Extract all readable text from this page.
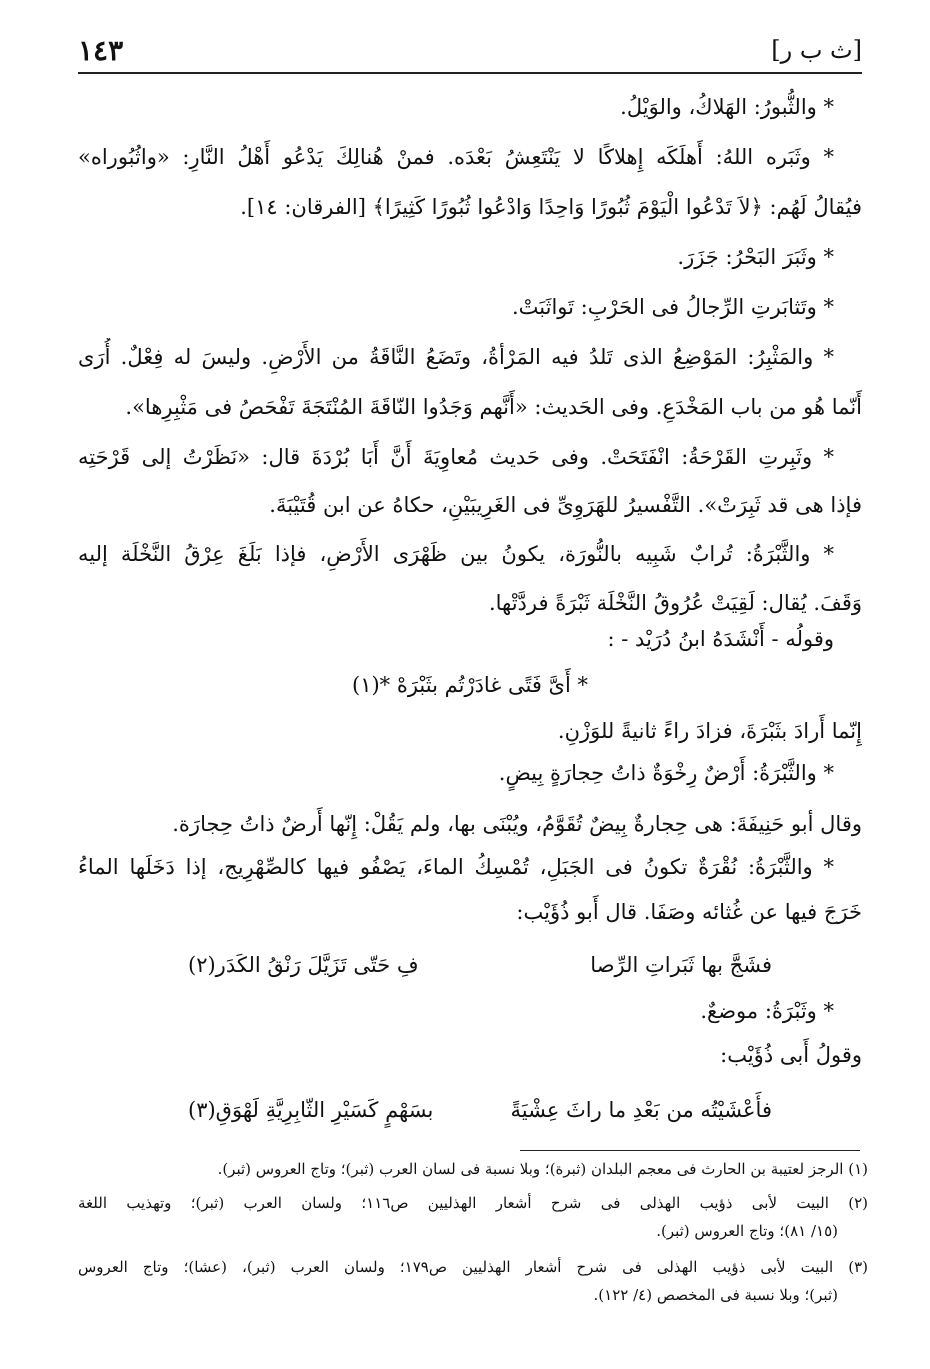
[ث ب ر]
١٤٣
* والثُّبورُ: الهَلاكُ، والوَيْلُ.
* وثَبَره اللهُ: أَهلَكَه إِهلاكًا لا يَنْتَعِشُ بَعْدَه. فمنْ هُنالِكَ يَدْعُو أَهْلُ النَّارِ: «واثُبُوراه»
فيُقالُ لَهُم: ﴿لاَ تَدْعُوا الْيَوْمَ ثُبُورًا وَاحِدًا وَادْعُوا ثُبُورًا كَثِيرًا﴾ [الفرقان: ١٤].
* وثَبَرَ البَحْرُ: جَزَرَ.
* وتَثابَرتِ الرِّجالُ فى الحَرْبِ: تَواثَبَتْ.
* والمَثْبِرُ: المَوْضِعُ الذى تَلدُ فيه المَرْأةُ، وتَضَعُ النَّاقَةُ من الأَرْضِ. وليسَ له فِعْلٌ. أُرَى
أَنّما هُو من باب المَخْدَعِ. وفى الحَديث: «أَنَّهم وَجَدُوا النّاقَةَ المُنْتَجَةَ تَفْحَصُ فى مَثْبِرِها».
* وثَبِرتِ القَرْحَةُ: انْفَتَحَتْ. وفى حَديث مُعاوِيَةَ أَنَّ أَبَا بُرْدَةَ قال: «نَظَرْتُ إلى قَرْحَتِه
فإذا هى قد ثَبِرَتْ». التَّفْسيرُ للهَرَوِىِّ فى الغَرِيبَيْنِ، حكاهُ عن ابن قُتَيْبَةَ.
* والثَّبْرَةُ: تُرابٌ شَبِيه بالنُّورَة، يكونُ بين ظَهْرَى الأَرْضِ، فإذا بَلَغَ عِرْقُ النَّخْلَة إليه
وَقَفَ. يُقال: لَقِيَتْ عُرُوقُ النَّخْلَة ثَبْرَةً فردَّتْها.
وقولُه - أَنْشَدَهُ ابنُ دُرَيْد - :
* أَىَّ فَتًى غادَرْتُم بثَبْرَهْ *(١)
إِنّما أَرادَ بثَبْرَةَ، فزادَ راءً ثانيةً للوَزْنِ.
* والثَّبْرَةُ: أَرْضٌ رِخْوَةٌ ذاتُ حِجارَةٍ بِيضٍ.
وقال أبو حَنِيفَةَ: هى حِجارةٌ بِيضٌ تُقَوَّمُ، ويُبْنَى بها، ولم يَقُلْ: إِنّها أَرضٌ ذاتُ حِجارَة.
* والثَّبْرَةُ: نُقْرَةٌ تكونُ فى الجَبَلِ، تُمْسِكُ الماءَ، يَصْفُو فيها كالصِّهْرِيج، إذا دَخَلَها الماءُ
خَرَجَ فيها عن غُثائه وصَفَا. قال أَبو ذُؤَيْب:
فشَجَّ بها ثَبَراتِ الرِّصا
فِ حَتّى تَزَيَّلَ رَنْقُ الكَدَر(٢)
* وثَبْرَةُ: موضعٌ.
وقولُ أَبى ذُؤَيْب:
فأَعْشَيْتُه من بَعْدِ ما راثَ عِشْيَةً
بسَهْمٍ كَسَيْرِ الثّابِرِيَّةِ لَهْوَقِ(٣)
(١) الرجز لعتيبة بن الحارث فى معجم البلدان (ثبرة)؛ وبلا نسبة فى لسان العرب (ثبر)؛ وتاج العروس (ثبر).
(٢) البيت لأبى ذؤيب الهذلى فى شرح أشعار الهذليين ص١١٦؛ ولسان العرب (ثبر)؛ وتهذيب اللغة
(١٥/ ٨١)؛ وتاج العروس (ثبر).
(٣) البيت لأبى ذؤيب الهذلى فى شرح أشعار الهذليين ص١٧٩؛ ولسان العرب (ثبر)، (عشا)؛ وتاج العروس
(ثبر)؛ وبلا نسبة فى المخصص (٤/ ١٢٢).
